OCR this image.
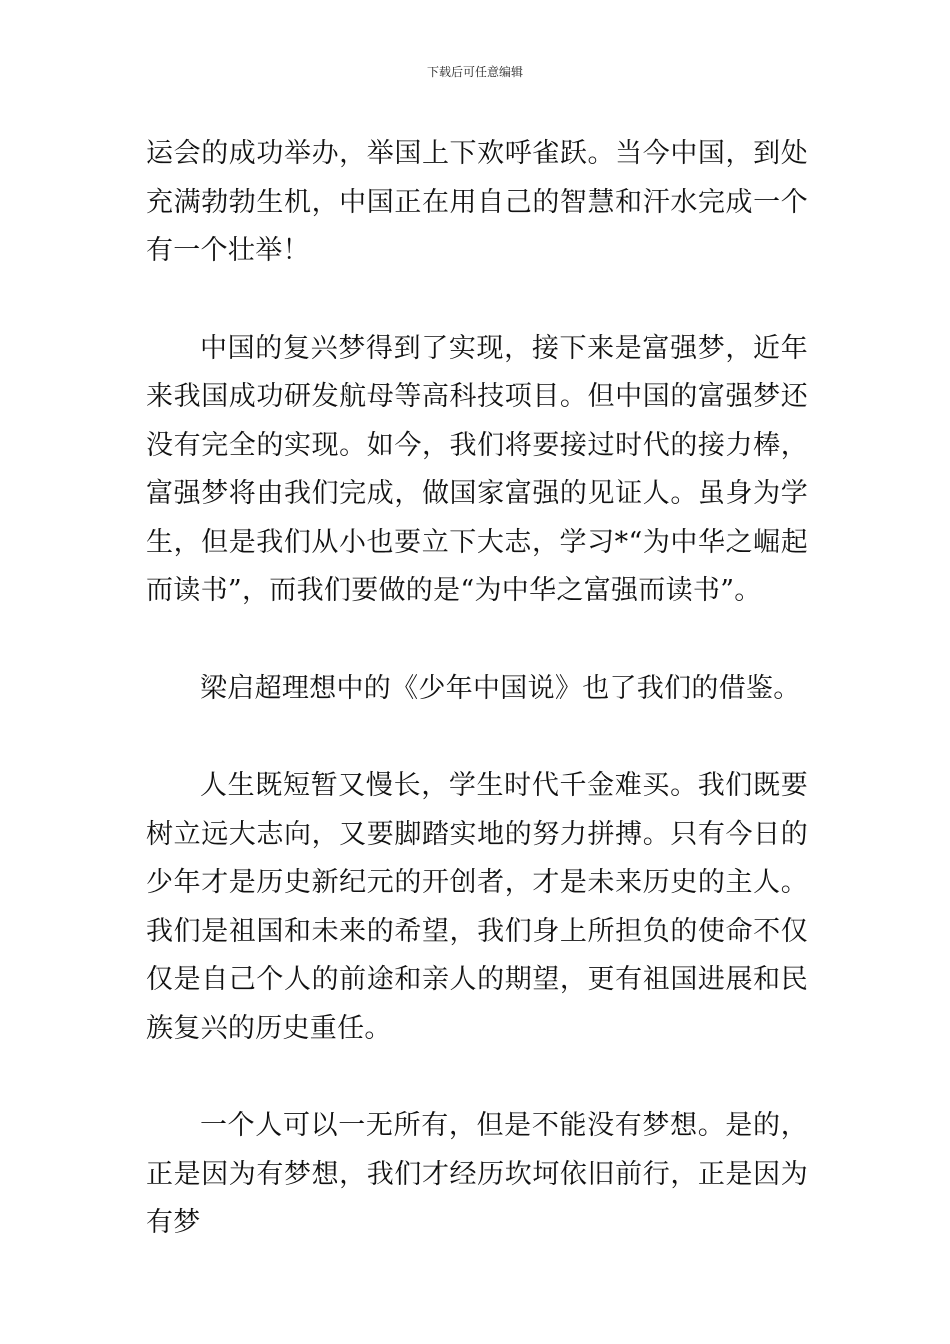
下载后可任意编辑

运会的成功举办，举国上下欢呼雀跃。当今中国，到处充满勃勃生机，中国正在用自己的智慧和汗水完成一个有一个壮举！

中国的复兴梦得到了实现，接下来是富强梦，近年来我国成功研发航母等高科技项目。但中国的富强梦还没有完全的实现。如今，我们将要接过时代的接力棒，富强梦将由我们完成，做国家富强的见证人。虽身为学生，但是我们从小也要立下大志，学习*“为中华之崛起而读书”，而我们要做的是“为中华之富强而读书”。

梁启超理想中的《少年中国说》也了我们的借鉴。

人生既短暂又慢长，学生时代千金难买。我们既要树立远大志向，又要脚踏实地的努力拼搏。只有今日的少年才是历史新纪元的开创者，才是未来历史的主人。我们是祖国和未来的希望，我们身上所担负的使命不仅仅是自己个人的前途和亲人的期望，更有祖国进展和民族复兴的历史重任。

一个人可以一无所有，但是不能没有梦想。是的，正是因为有梦想，我们才经历坎坷依旧前行，正是因为有梦
